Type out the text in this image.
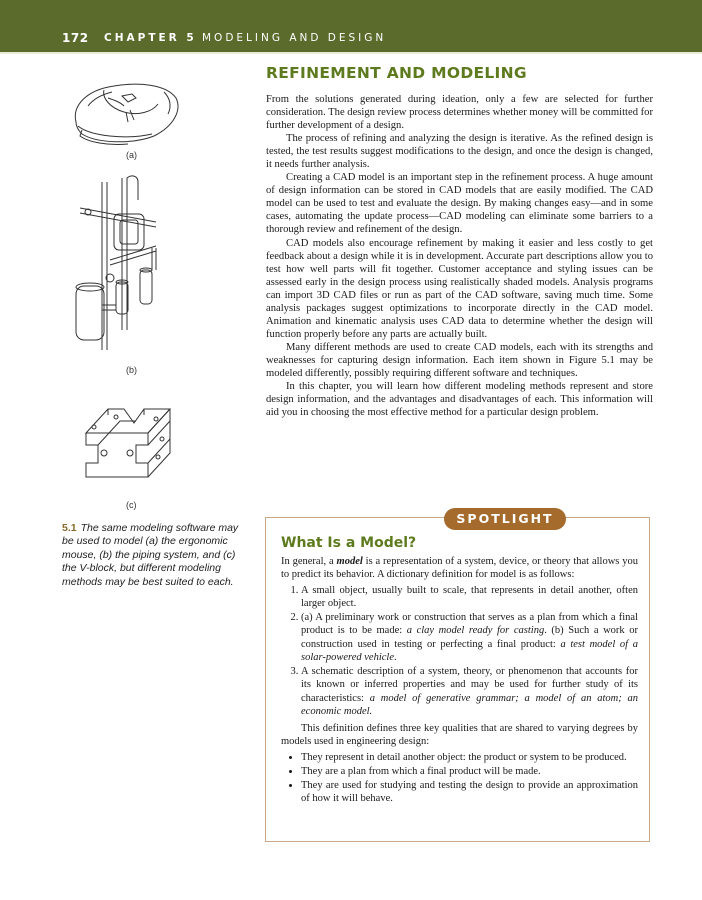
172 CHAPTER 5 MODELING AND DESIGN
(a)
(b)
(c)
5.1 The same modeling software may be used to model (a) the ergonomic mouse, (b) the piping system, and (c) the V-block, but different modeling methods may be best suited to each.
REFINEMENT AND MODELING

From the solutions generated during ideation, only a few are selected for further consideration. The design review process determines whether money will be committed for further development of a design.

The process of refining and analyzing the design is iterative. As the refined design is tested, the test results suggest modifications to the design, and once the design is changed, it needs further analysis.

Creating a CAD model is an important step in the refinement process. A huge amount of design information can be stored in CAD models that are easily modified. The CAD model can be used to test and evaluate the design. By making changes easy—and in some cases, automating the update process—CAD modeling can eliminate some barriers to a thorough review and refinement of the design.

CAD models also encourage refinement by making it easier and less costly to get feedback about a design while it is in development. Accurate part descriptions allow you to test how well parts will fit together. Customer acceptance and styling issues can be assessed early in the design process using realistically shaded models. Analysis programs can import 3D CAD files or run as part of the CAD software, saving much time. Some analysis packages suggest optimizations to incorporate directly in the CAD model. Animation and kinematic analysis uses CAD data to determine whether the design will function properly before any parts are actually built.

Many different methods are used to create CAD models, each with its strengths and weaknesses for capturing design information. Each item shown in Figure 5.1 may be modeled differently, possibly requiring different software and techniques.

In this chapter, you will learn how different modeling methods represent and store design information, and the advantages and disadvantages of each. This information will aid you in choosing the most effective method for a particular design problem.

SPOTLIGHT
What Is a Model?

In general, a model is a representation of a system, device, or theory that allows you to predict its behavior. A dictionary definition for model is as follows:

1. A small object, usually built to scale, that represents in detail another, often larger object.
2. (a) A preliminary work or construction that serves as a plan from which a final product is to be made: a clay model ready for casting. (b) Such a work or construction used in testing or perfecting a final product: a test model of a solar-powered vehicle.
3. A schematic description of a system, theory, or phenomenon that accounts for its known or inferred properties and may be used for further study of its characteristics: a model of generative grammar; a model of an atom; an economic model.

This definition defines three key qualities that are shared to varying degrees by models used in engineering design:

• They represent in detail another object: the product or system to be produced.
• They are a plan from which a final product will be made.
• They are used for studying and testing the design to provide an approximation of how it will behave.
